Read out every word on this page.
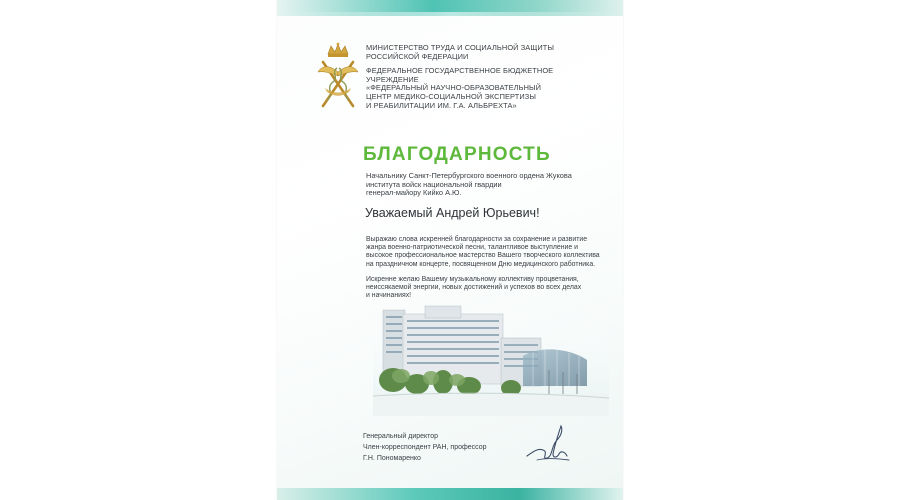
МИНИСТЕРСТВО ТРУДА И СОЦИАЛЬНОЙ ЗАЩИТЫ
РОССИЙСКОЙ ФЕДЕРАЦИИ
ФЕДЕРАЛЬНОЕ ГОСУДАРСТВЕННОЕ БЮДЖЕТНОЕ
УЧРЕЖДЕНИЕ
«ФЕДЕРАЛЬНЫЙ НАУЧНО-ОБРАЗОВАТЕЛЬНЫЙ
ЦЕНТР МЕДИКО-СОЦИАЛЬНОЙ ЭКСПЕРТИЗЫ
И РЕАБИЛИТАЦИИ ИМ. Г.А. АЛЬБРЕХТА»
БЛАГОДАРНОСТЬ
Начальнику Санкт-Петербургского военного ордена Жукова
института войск национальной гвардии
генерал-майору Кийко А.Ю.
Уважаемый Андрей Юрьевич!

Выражаю слова искренней благодарности за сохранение и развитие
жанра военно-патриотической песни, талантливое выступление и
высокое профессиональное мастерство Вашего творческого коллектива
на праздничном концерте, посвященном Дню медицинского работника.

Искренне желаю Вашему музыкальному коллективу процветания,
неиссякаемой энергии, новых достижений и успехов во всех делах
и начинаниях!

Генеральный директор
Член-корреспондент РАН, профессор
Г.Н. Пономаренко
